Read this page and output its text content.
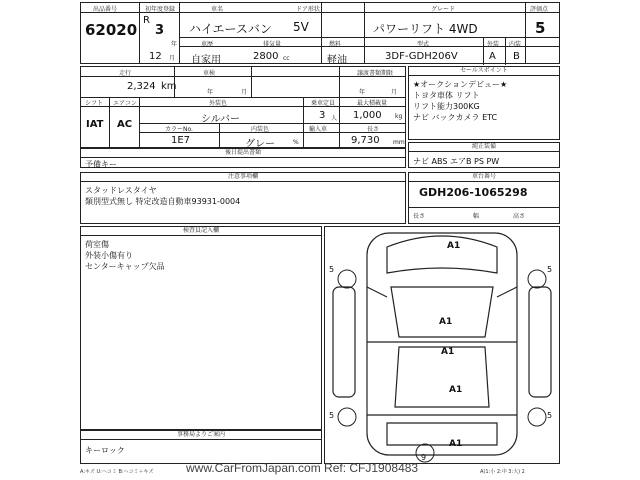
出品番号
62020
初年度登録
R
3
年
12 月
車名
ハイエースバン
ドア形状
5V
グレード
パワーリフト 4WD
評価点
5
車歴
自家用
排気量
2800 cc
燃料
軽油
型式
3DF-GDH206V
外装
A
内装
B
走行
2,324 km
車検
年	月
譲渡書類期限
年	月
シフト
IAT
エアコン
AC
外装色
シルバー
カラーNo.
1E7
内装色
グレー	%
乗車定員
3 人
輸入車
最大積載量
1,000 kg
長さ
9,730 mm
セールスポイント
★オークションデビュー★
トヨタ車体 リフト
リフト能力300KG
ナビ バックカメラ ETC
後日提出書類
予備キー
純正装備
ナビ ABS エアB PS PW
注意事項欄
スタッドレスタイヤ
類別型式無し 特定改造自動車93931-0004
車台番号
GDH206-1065298
長さ	幅	高さ
検査員記入欄
荷室傷
外装小傷有り
センターキャップ欠品
事務局よりご案内
キーロック
A1
A1
A1
A1
A1
5	5
5	5
9
A:キズ U:ヘコミ B:ヘコミ＋キズ	A(1:小 2:中 3:大) 2
www.CarFromJapan.com Ref: CFJ1908483
